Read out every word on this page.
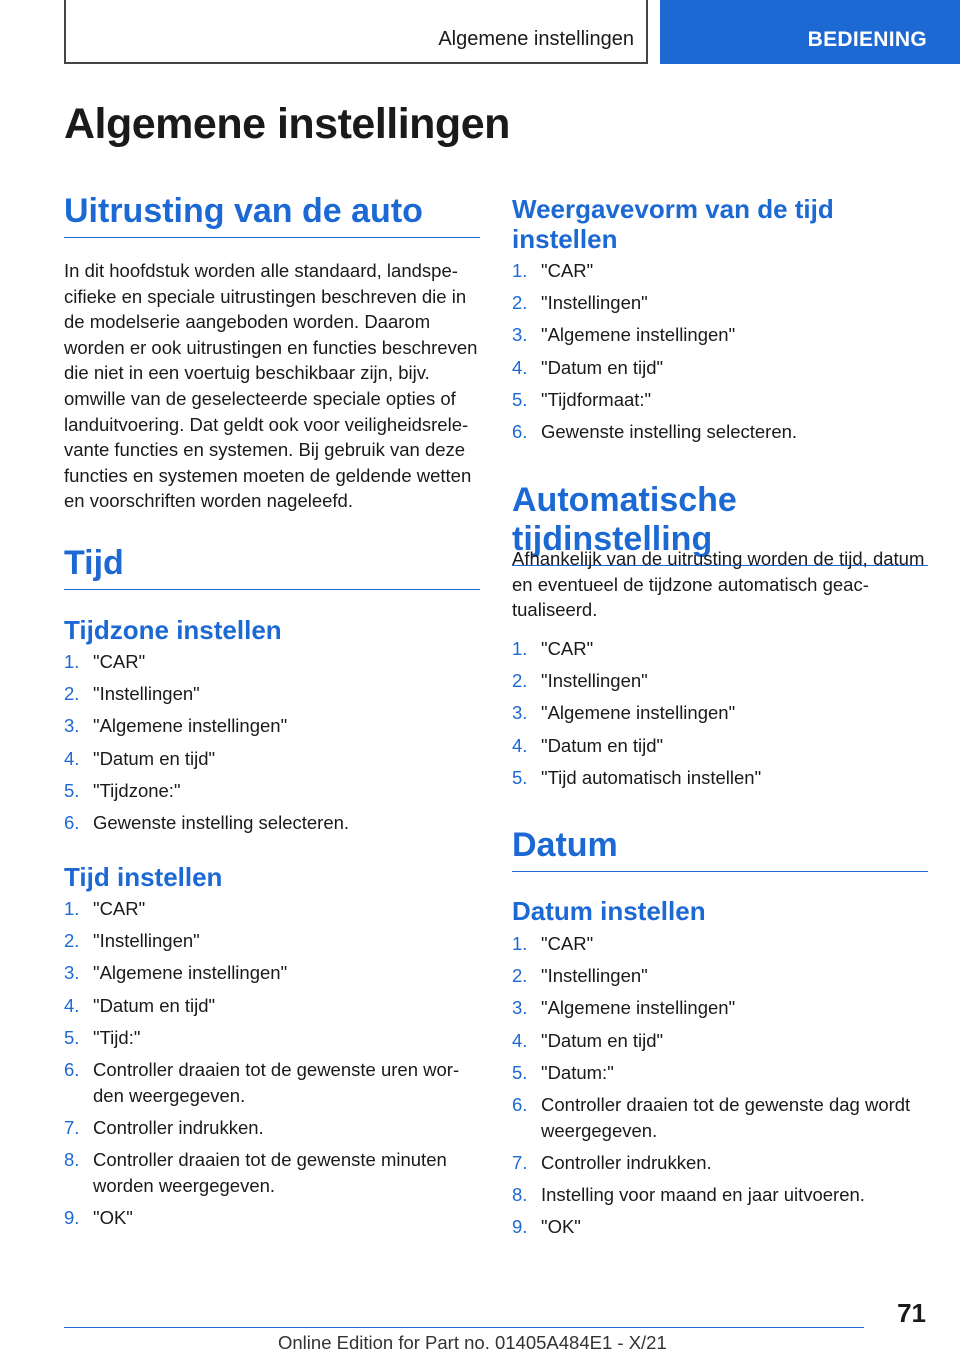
Algemene instellingen	BEDIENING
Algemene instellingen
Uitrusting van de auto

In dit hoofdstuk worden alle standaard, landspecifieke en speciale uitrustingen beschreven die in de modelserie aangeboden worden. Daarom worden er ook uitrustingen en functies beschreven die niet in een voertuig beschikbaar zijn, bijv. omwille van de geselecteerde speciale opties of landuitvoering. Dat geldt ook voor veiligheidsrelevante functies en systemen. Bij gebruik van deze functies en systemen moeten de geldende wetten en voorschriften worden nageleefd.

Tijd
Tijdzone instellen
1. "CAR"
2. "Instellingen"
3. "Algemene instellingen"
4. "Datum en tijd"
5. "Tijdzone:"
6. Gewenste instelling selecteren.
Tijd instellen
1. "CAR"
2. "Instellingen"
3. "Algemene instellingen"
4. "Datum en tijd"
5. "Tijd:"
6. Controller draaien tot de gewenste uren worden weergegeven.
7. Controller indrukken.
8. Controller draaien tot de gewenste minuten worden weergegeven.
9. "OK"
Weergavevorm van de tijd instellen
1. "CAR"
2. "Instellingen"
3. "Algemene instellingen"
4. "Datum en tijd"
5. "Tijdformaat:"
6. Gewenste instelling selecteren.
Automatische tijdinstelling

Afhankelijk van de uitrusting worden de tijd, datum en eventueel de tijdzone automatisch geactualiseerd.

1. "CAR"
2. "Instellingen"
3. "Algemene instellingen"
4. "Datum en tijd"
5. "Tijd automatisch instellen"
Datum
Datum instellen
1. "CAR"
2. "Instellingen"
3. "Algemene instellingen"
4. "Datum en tijd"
5. "Datum:"
6. Controller draaien tot de gewenste dag wordt weergegeven.
7. Controller indrukken.
8. Instelling voor maand en jaar uitvoeren.
9. "OK"
71
Online Edition for Part no. 01405A484E1 - X/21
